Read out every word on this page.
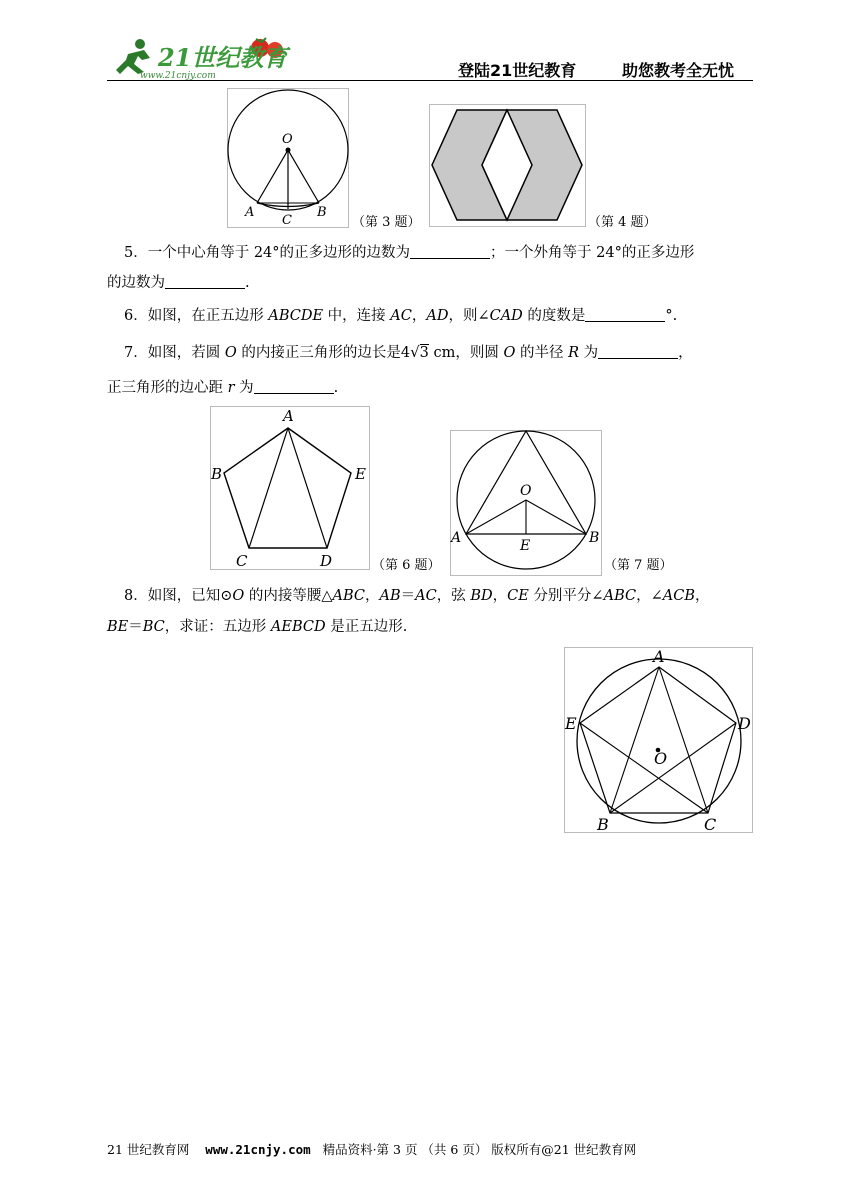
21世纪教育
www.21cnjy.com	登陆21世纪教育	助您教考全无忧
O
A	B
C	（第 3 题）	（第 4 题）
5．一个中心角等于 24°的正多边形的边数为	；一个外角等于 24°的正多边形
的边数为	.
6．如图，在正五边形 ABCDE 中，连接 AC，AD，则∠CAD 的度数是	°.
7．如图，若圆 O 的内接正三角形的边长是4√3 cm，则圆 O 的半径 R 为	，
正三角形的边心距 r 为	.
A
B
C	D
E
（第 6 题）
O
A	B
E
（第 7 题）
8．如图，已知⊙O 的内接等腰△ABC，AB＝AC，弦 BD，CE 分别平分∠ABC，∠ACB，
BE＝BC，求证：五边形 AEBCD 是正五边形.
A
D
C
B
E
O
21 世纪教育网 www.21cnjy.com 精品资料·第 3 页 （共 6 页） 版权所有@21 世纪教育网
